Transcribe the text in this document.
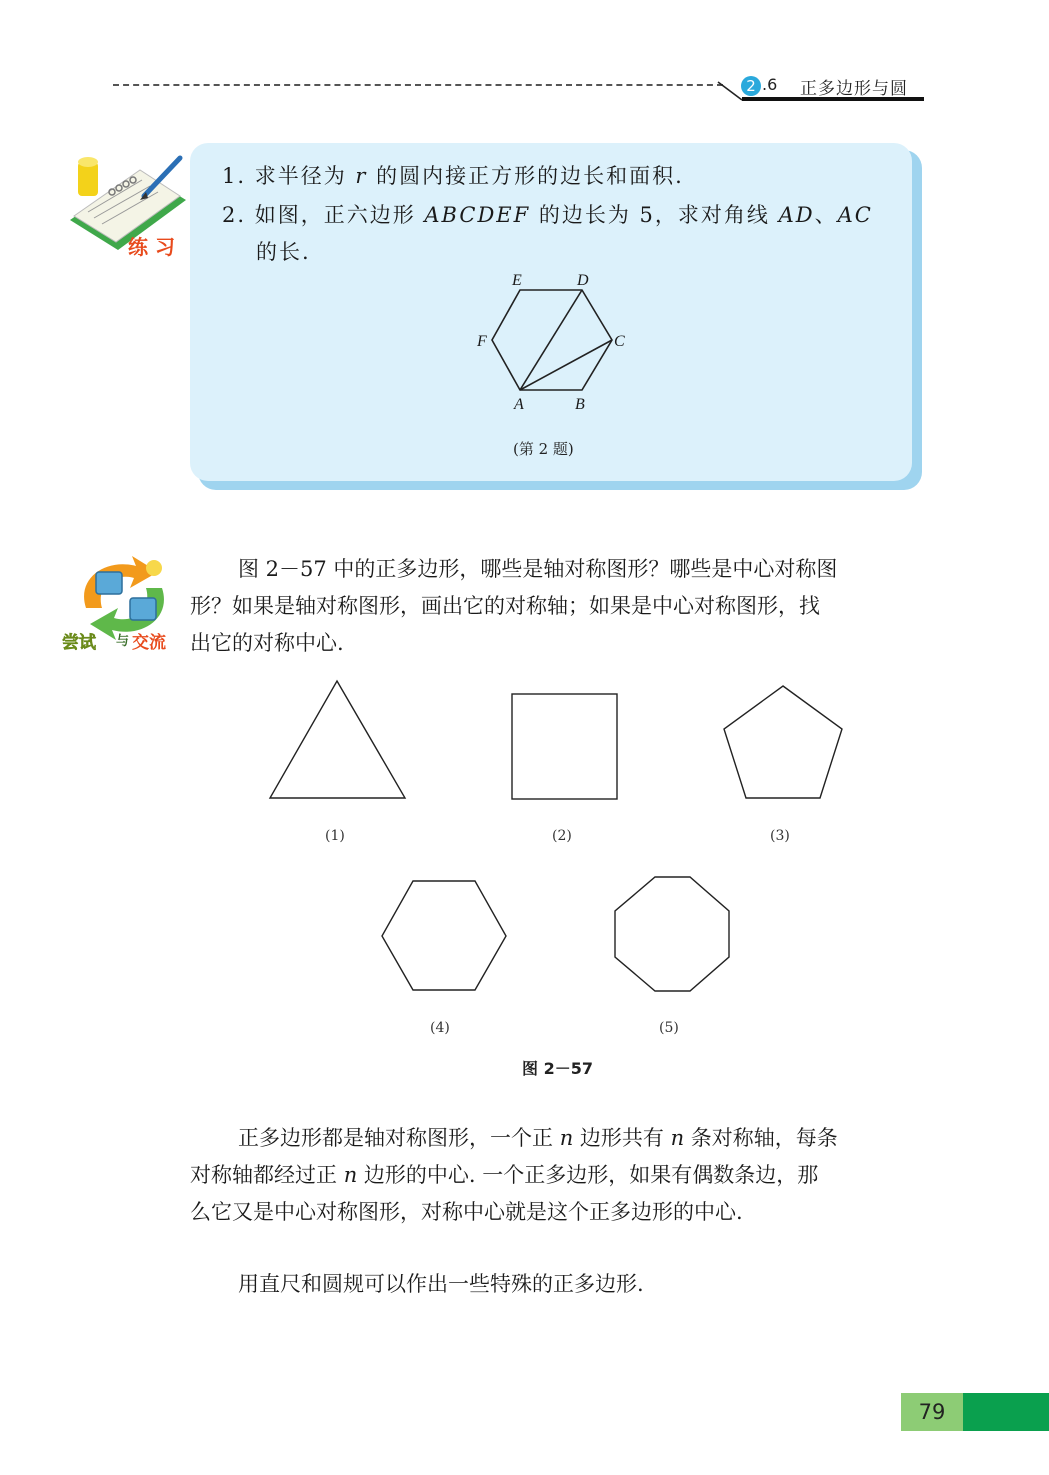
2 .6 正多边形与圆
练 习
1. 求半径为 r 的圆内接正方形的边长和面积.
2. 如图，正六边形 ABCDEF 的边长为 5，求对角线 AD、AC
的长.
A	B
C
D
E
F
(第 2 题)
尝试 与 交流
图 2－57 中的正多边形，哪些是轴对称图形？哪些是中心对称图
形？如果是轴对称图形，画出它的对称轴；如果是中心对称图形，找
出它的对称中心.
(1)	(2)	(3)
(4)	(5)
图 2－57
正多边形都是轴对称图形，一个正 n 边形共有 n 条对称轴，每条
对称轴都经过正 n 边形的中心. 一个正多边形，如果有偶数条边，那
么它又是中心对称图形，对称中心就是这个正多边形的中心.
用直尺和圆规可以作出一些特殊的正多边形.
79
